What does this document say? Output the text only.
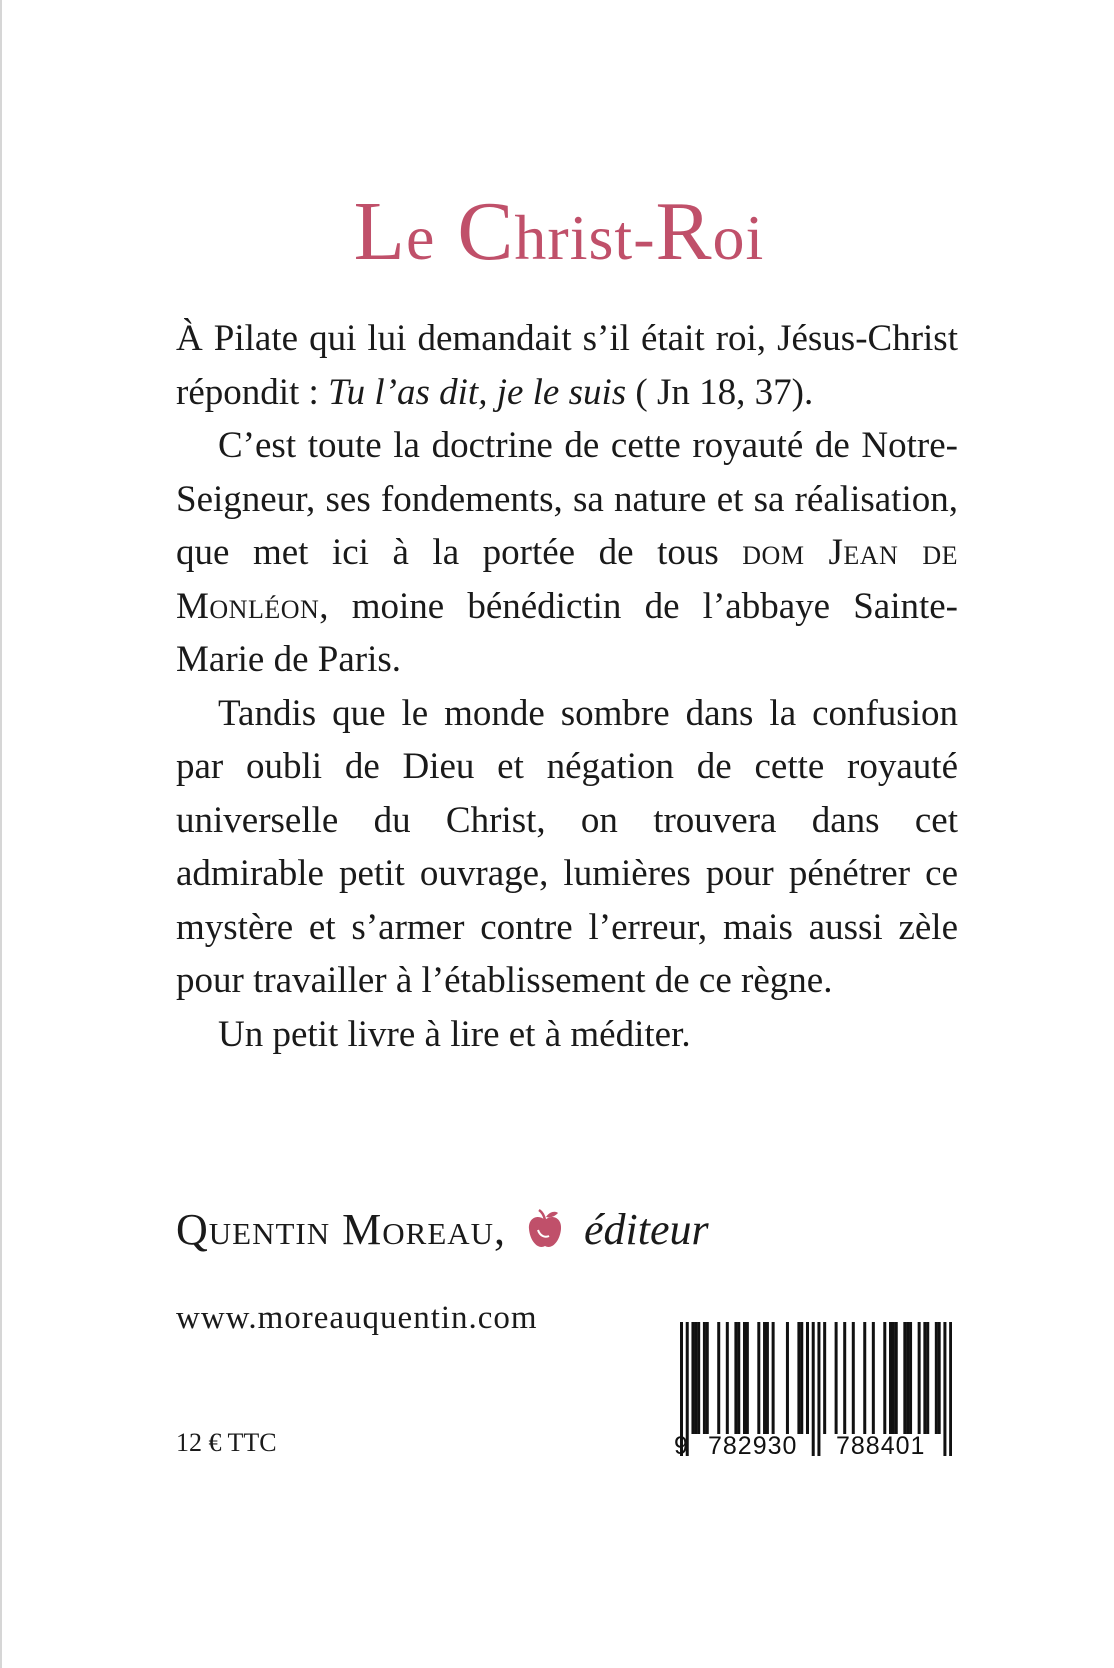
Le Christ-Roi

À Pilate qui lui demandait s’il était roi, Jésus-Christ répondit : Tu l’as dit, je le suis ( Jn 18, 37).

C’est toute la doctrine de cette royauté de Notre-Seigneur, ses fondements, sa nature et sa réalisation, que met ici à la portée de tous dom Jean de Monléon, moine bénédictin de l’abbaye Sainte-Marie de Paris.

Tandis que le monde sombre dans la confusion par oubli de Dieu et négation de cette royauté universelle du Christ, on trouvera dans cet admirable petit ouvrage, lumières pour pénétrer ce mystère et s’armer contre l’erreur, mais aussi zèle pour travailler à l’établissement de ce règne.

Un petit livre à lire et à méditer.

Quentin Moreau, éditeur
www.moreauquentin.com
12 € TTC	9 782930 788401
